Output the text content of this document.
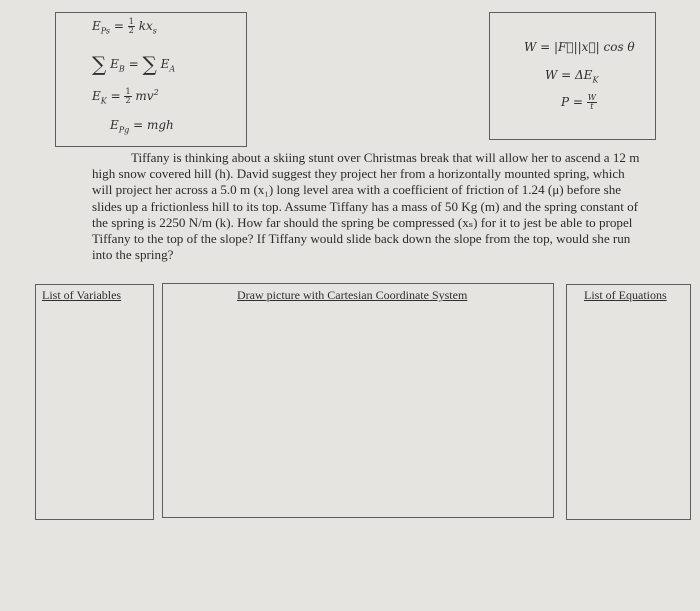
$E_{Ps} = \frac{1}{2} kx_s$
∑ $E_B$ = ∑ $E_A$
$E_K = \frac{1}{2} mv^2$
$E_{Pg}$ = mgh
W = |F⃗||x⃗| cos θ
$W = \Delta E_K$
$P = \frac{W}{t}$
Tiffany is thinking about a skiing stunt over Christmas break that will allow her to ascend a 12 m high snow covered hill (h). David suggest they project her from a horizontally mounted spring, which will project her across a 5.0 m (x₁) long level area with a coefficient of friction of 1.24 (μ) before she slides up a frictionless hill to its top. Assume Tiffany has a mass of 50 Kg (m) and the spring constant of the spring is 2250 N/m (k). How far should the spring be compressed (xₛ) for it to jest be able to propel Tiffany to the top of the slope? If Tiffany would slide back down the slope from the top, would she run into the spring?
List of Variables	Draw picture with Cartesian Coordinate System	List of Equations
